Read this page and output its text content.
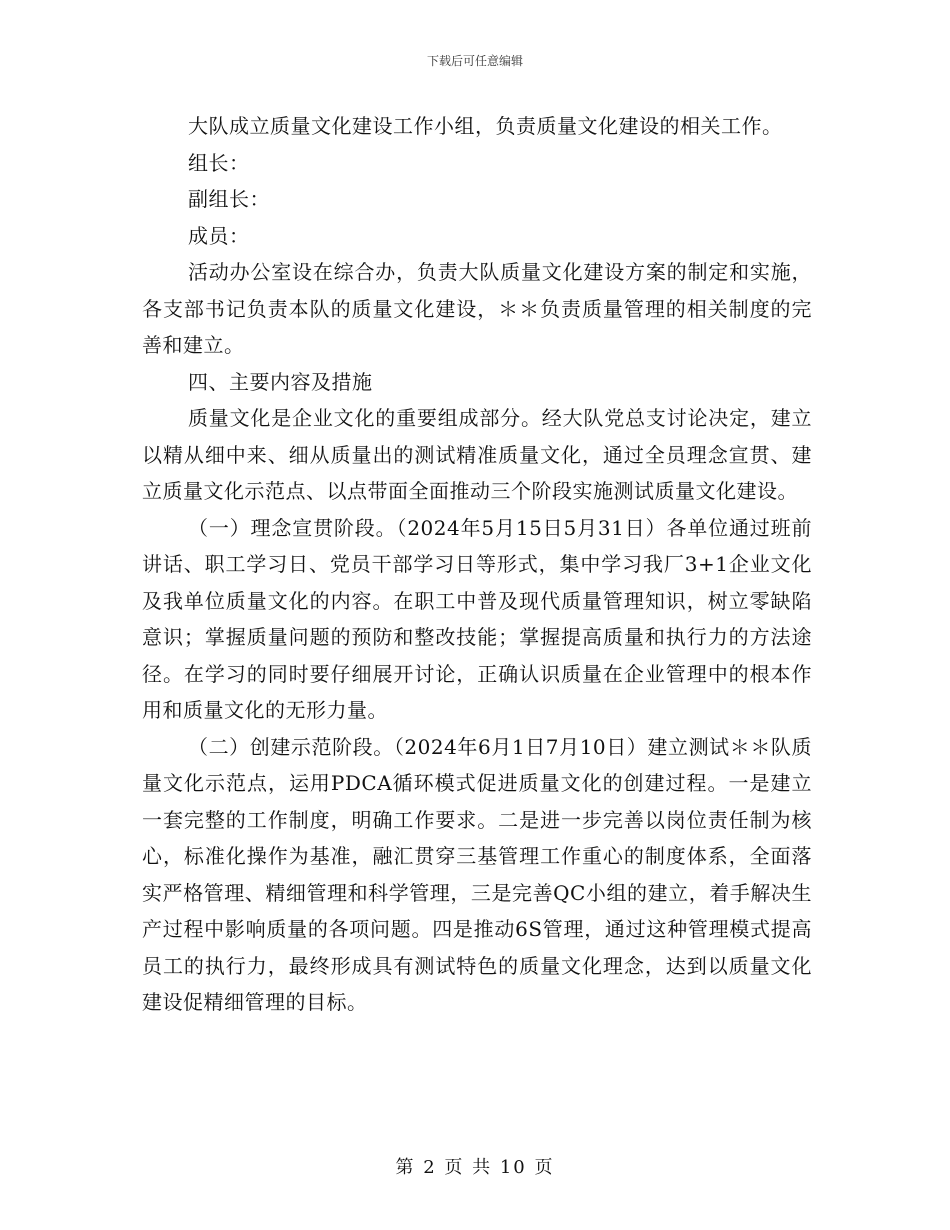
下载后可任意编辑

大队成立质量文化建设工作小组，负责质量文化建设的相关工作。

组长：

副组长：

成员：

活动办公室设在综合办，负责大队质量文化建设方案的制定和实施，各支部书记负责本队的质量文化建设，＊＊负责质量管理的相关制度的完善和建立。

四、主要内容及措施

质量文化是企业文化的重要组成部分。经大队党总支讨论决定，建立以精从细中来、细从质量出的测试精准质量文化，通过全员理念宣贯、建立质量文化示范点、以点带面全面推动三个阶段实施测试质量文化建设。

（一）理念宣贯阶段。（2024年5月15日5月31日）各单位通过班前讲话、职工学习日、党员干部学习日等形式，集中学习我厂3+1企业文化及我单位质量文化的内容。在职工中普及现代质量管理知识，树立零缺陷意识；掌握质量问题的预防和整改技能；掌握提高质量和执行力的方法途径。在学习的同时要仔细展开讨论，正确认识质量在企业管理中的根本作用和质量文化的无形力量。

（二）创建示范阶段。（2024年6月1日7月10日）建立测试＊＊队质量文化示范点，运用PDCA循环模式促进质量文化的创建过程。一是建立一套完整的工作制度，明确工作要求。二是进一步完善以岗位责任制为核心，标准化操作为基准，融汇贯穿三基管理工作重心的制度体系，全面落实严格管理、精细管理和科学管理，三是完善QC小组的建立，着手解决生产过程中影响质量的各项问题。四是推动6S管理，通过这种管理模式提高员工的执行力，最终形成具有测试特色的质量文化理念，达到以质量文化建设促精细管理的目标。

第 2 页 共 10 页
